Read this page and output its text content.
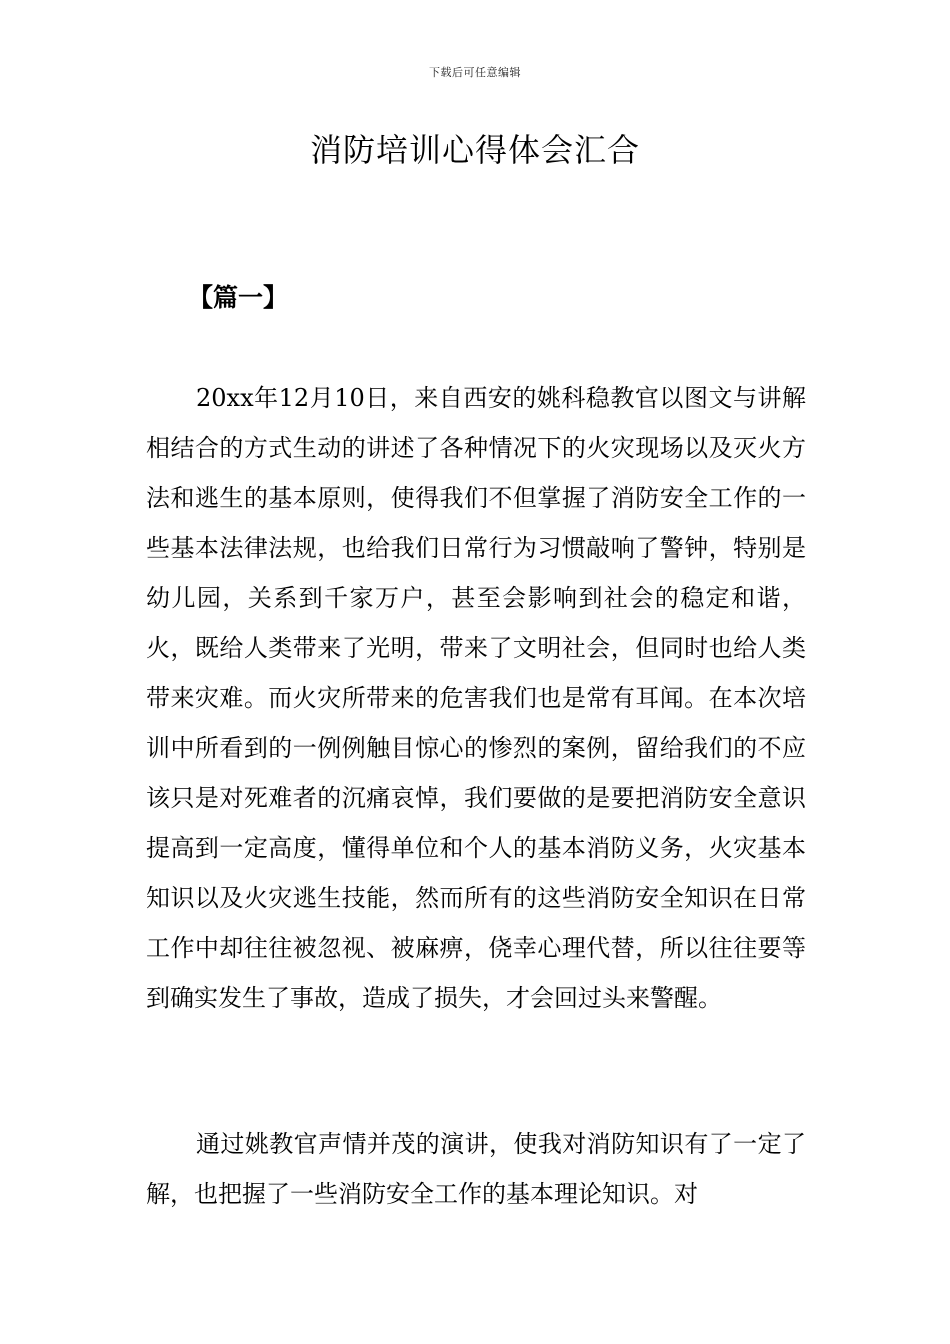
下载后可任意编辑
消防培训心得体会汇合
【篇一】

20xx年12月10日，来自西安的姚科稳教官以图文与讲解相结合的方式生动的讲述了各种情况下的火灾现场以及灭火方法和逃生的基本原则，使得我们不但掌握了消防安全工作的一些基本法律法规，也给我们日常行为习惯敲响了警钟，特别是幼儿园，关系到千家万户，甚至会影响到社会的稳定和谐，火，既给人类带来了光明，带来了文明社会，但同时也给人类带来灾难。而火灾所带来的危害我们也是常有耳闻。在本次培训中所看到的一例例触目惊心的惨烈的案例，留给我们的不应该只是对死难者的沉痛哀悼，我们要做的是要把消防安全意识提高到一定高度，懂得单位和个人的基本消防义务，火灾基本知识以及火灾逃生技能，然而所有的这些消防安全知识在日常工作中却往往被忽视、被麻痹，侥幸心理代替，所以往往要等到确实发生了事故，造成了损失，才会回过头来警醒。

通过姚教官声情并茂的演讲，使我对消防知识有了一定了解，也把握了一些消防安全工作的基本理论知识。对
